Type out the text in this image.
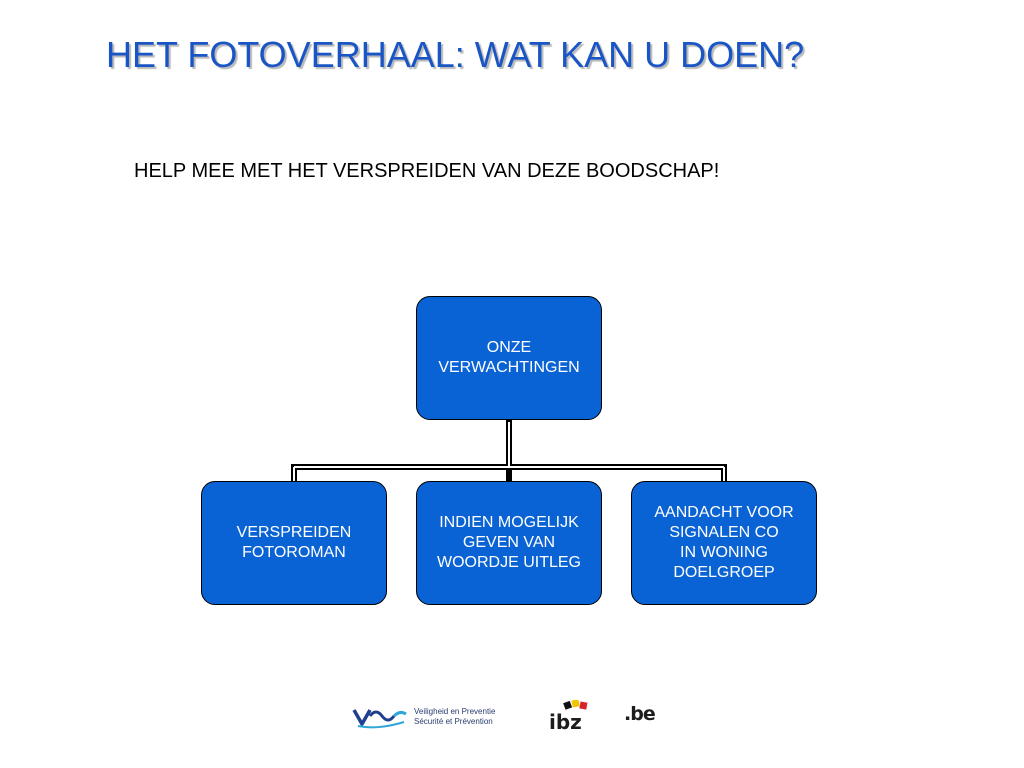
HET FOTOVERHAAL: WAT KAN U DOEN?
HELP MEE MET HET VERSPREIDEN VAN DEZE BOODSCHAP!
ONZE
VERWACHTINGEN
VERSPREIDEN
FOTOROMAN
INDIEN MOGELIJK
GEVEN VAN
WOORDJE UITLEG
AANDACHT VOOR
SIGNALEN CO
IN WONING
DOELGROEP
Veiligheid en Preventie
Sécurité et Prévention	ibz .be
